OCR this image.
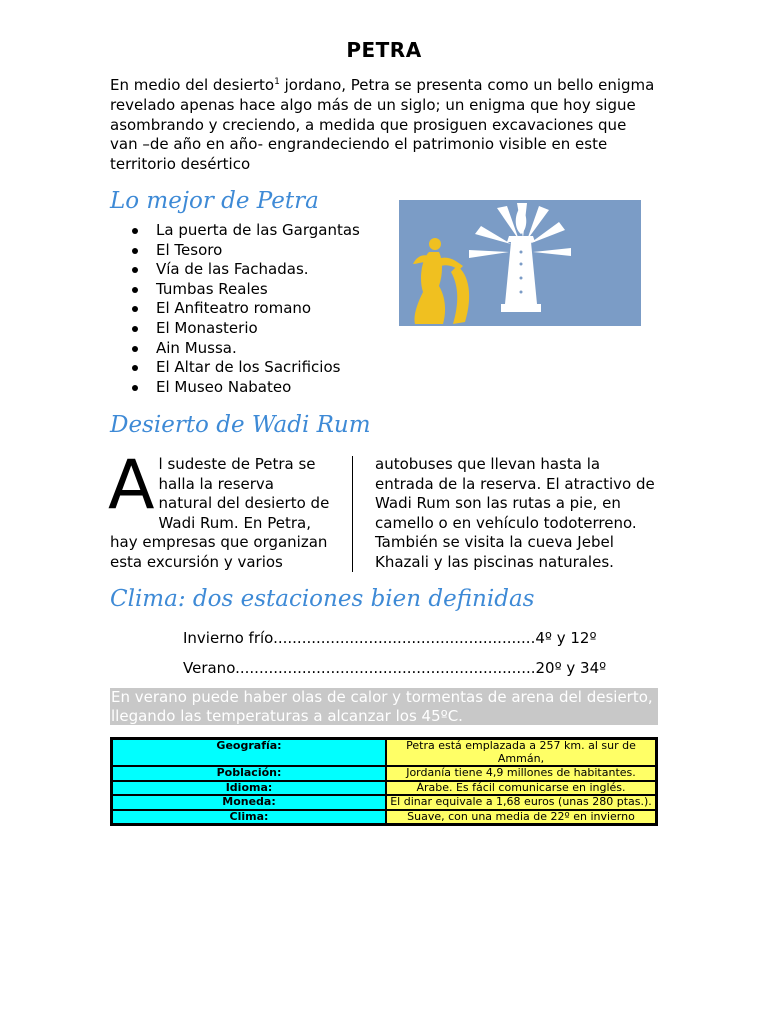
PETRA

En medio del desierto$^1$ jordano, Petra se presenta como un bello enigma revelado apenas hace algo más de un siglo; un enigma que hoy sigue asombrando y creciendo, a medida que prosiguen excavaciones que van –de año en año- engrandeciendo el patrimonio visible en este territorio desértico

Lo mejor de Petra
La puerta de las Gargantas
El Tesoro
Vía de las Fachadas.
Tumbas Reales
El Anfiteatro romano
El Monasterio
Ain Mussa.
El Altar de los Sacrificios
El Museo Nabateo
Desierto de Wadi Rum
Al sudeste de Petra se halla la reserva natural del desierto de Wadi Rum. En Petra, hay empresas que organizan esta excursión y varios
autobuses que llevan hasta la entrada de la reserva. El atractivo de Wadi Rum son las rutas a pie, en camello o en vehículo todoterreno. También se visita la cueva Jebel Khazali y las piscinas naturales.
Clima: dos estaciones bien definidas
Invierno frío.......................................................4º y 12º
Verano...............................................................20º y 34º
En verano puede haber olas de calor y tormentas de arena del desierto, llegando las temperaturas a alcanzar los 45ºC.
Geografía:	Petra está emplazada a 257 km. al sur de Ammán,
Población:	Jordanía tiene 4,9 millones de habitantes.
Idioma:	Árabe. Es fácil comunicarse en inglés.
Moneda:	El dinar equivale a 1,68 euros (unas 280 ptas.).
Clima:	Suave, con una media de 22º en invierno
